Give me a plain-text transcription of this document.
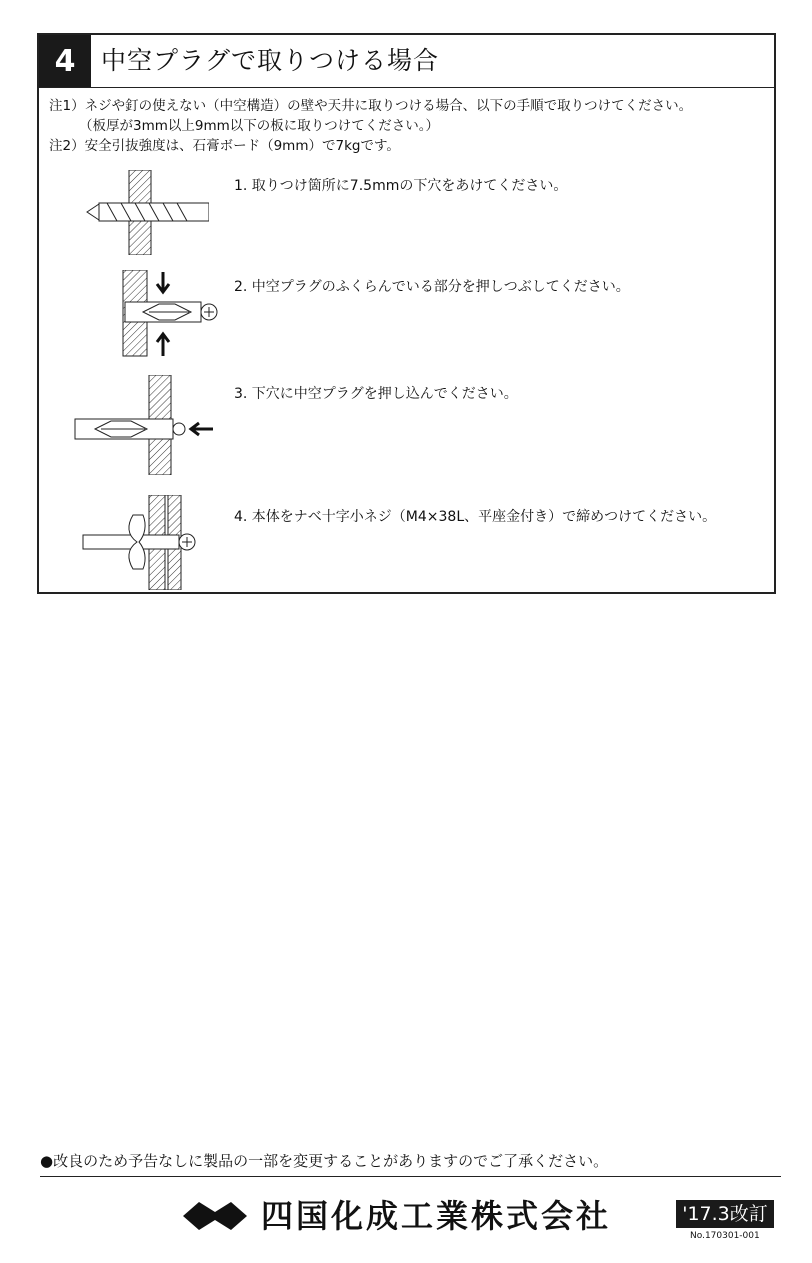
4	中空プラグで取りつける場合
注1）ネジや釘の使えない（中空構造）の壁や天井に取りつける場合、以下の手順で取りつけてください。
（板厚が3mm以上9mm以下の板に取りつけてください。）
注2）安全引抜強度は、石膏ボード（9mm）で7kgです。
1. 取りつけ箇所に7.5mmの下穴をあけてください。
2. 中空プラグのふくらんでいる部分を押しつぶしてください。
3. 下穴に中空プラグを押し込んでください。
4. 本体をナベ十字小ネジ（M4×38L、平座金付き）で締めつけてください。
●改良のため予告なしに製品の一部を変更することがありますのでご了承ください。
四国化成工業株式会社	'17.3改訂
No.170301-001
